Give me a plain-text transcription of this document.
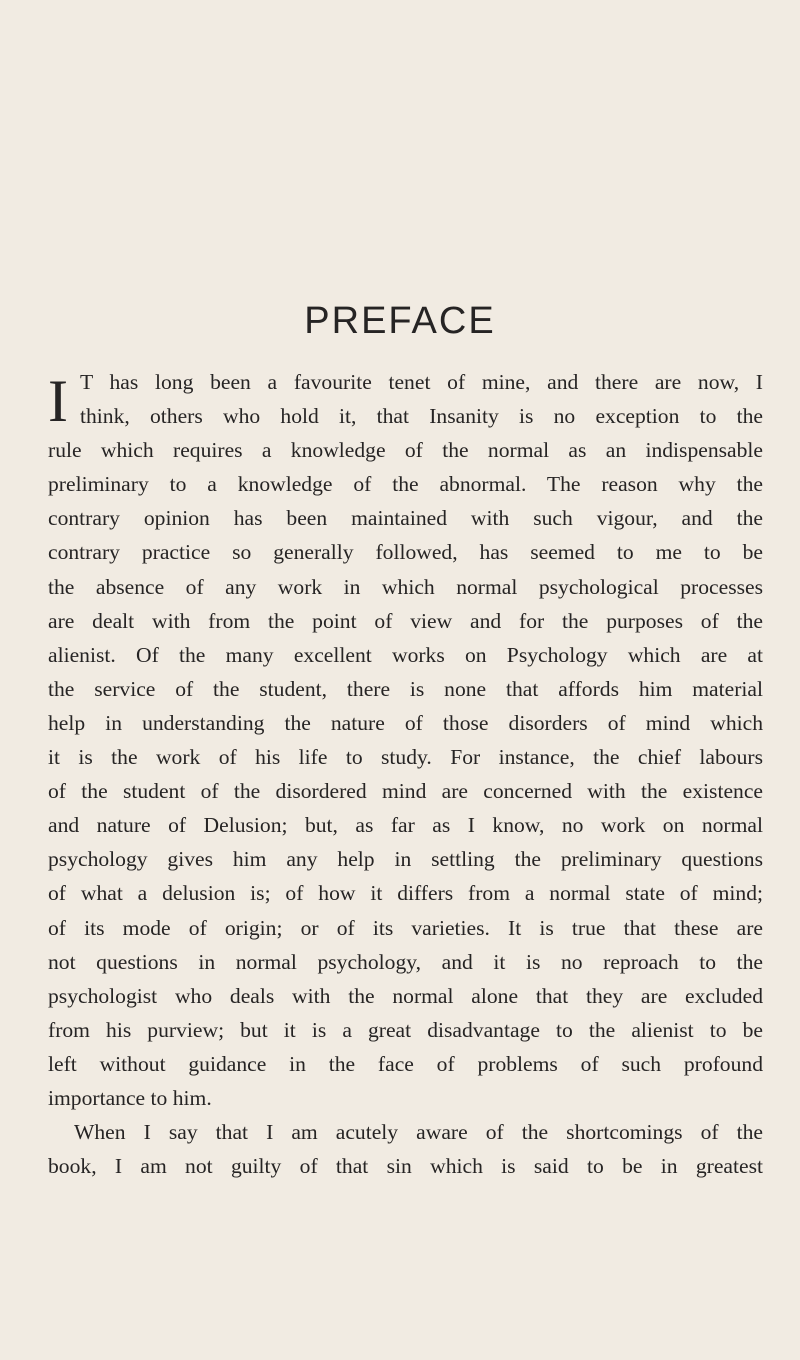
PREFACE
I T has long been a favourite tenet of mine, and there are now, I
think, others who hold it, that Insanity is no exception to the
rule which requires a knowledge of the normal as an indispensable
preliminary to a knowledge of the abnormal. The reason why the
contrary opinion has been maintained with such vigour, and the
contrary practice so generally followed, has seemed to me to be
the absence of any work in which normal psychological processes
are dealt with from the point of view and for the purposes of the
alienist. Of the many excellent works on Psychology which are at
the service of the student, there is none that affords him material
help in understanding the nature of those disorders of mind which
it is the work of his life to study. For instance, the chief labours
of the student of the disordered mind are concerned with the existence
and nature of Delusion; but, as far as I know, no work on normal
psychology gives him any help in settling the preliminary questions
of what a delusion is; of how it differs from a normal state of mind;
of its mode of origin; or of its varieties. It is true that these are
not questions in normal psychology, and it is no reproach to the
psychologist who deals with the normal alone that they are excluded
from his purview; but it is a great disadvantage to the alienist to be
left without guidance in the face of problems of such profound
importance to him.
When I say that I am acutely aware of the shortcomings of the
book, I am not guilty of that sin which is said to be in greatest
